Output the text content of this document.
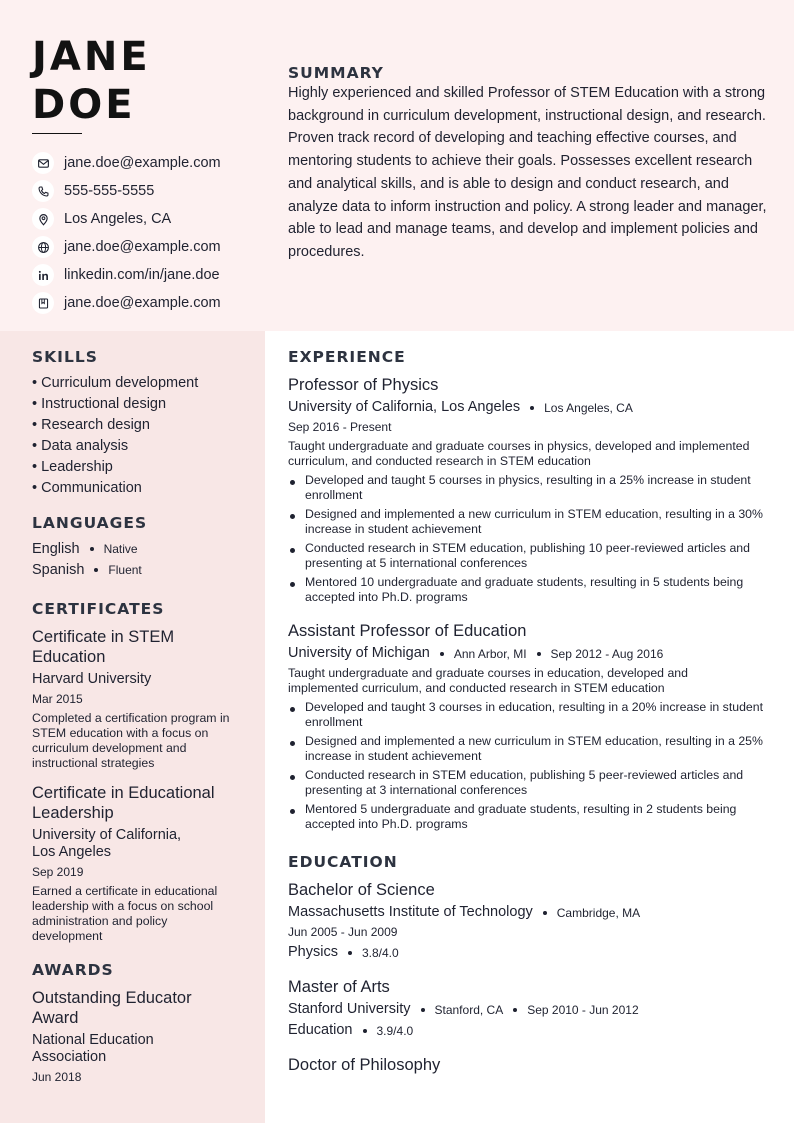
JANE
DOE
jane.doe@example.com
555-555-5555
Los Angeles, CA
jane.doe@example.com
linkedin.com/in/jane.doe
jane.doe@example.com
SUMMARY
Highly experienced and skilled Professor of STEM Education with a strong background in curriculum development, instructional design, and research. Proven track record of developing and teaching effective courses, and mentoring students to achieve their goals. Possesses excellent research and analytical skills, and is able to design and conduct research, and analyze data to inform instruction and policy. A strong leader and manager, able to lead and manage teams, and develop and implement policies and procedures.
SKILLS
• Curriculum development
• Instructional design
• Research design
• Data analysis
• Leadership
• Communication
LANGUAGES
English Native
Spanish Fluent
CERTIFICATES
Certificate in STEM Education
Harvard University
Mar 2015
Completed a certification program in STEM education with a focus on curriculum development and instructional strategies
Certificate in Educational Leadership
University of California, Los Angeles
Sep 2019
Earned a certificate in educational leadership with a focus on school administration and policy development
AWARDS
Outstanding Educator Award
National Education Association
Jun 2018
EXPERIENCE
Professor of Physics
University of California, Los Angeles Los Angeles, CA
Sep 2016 - Present
Taught undergraduate and graduate courses in physics, developed and implemented curriculum, and conducted research in STEM education
Developed and taught 5 courses in physics, resulting in a 25% increase in student enrollment
Designed and implemented a new curriculum in STEM education, resulting in a 30% increase in student achievement
Conducted research in STEM education, publishing 10 peer-reviewed articles and presenting at 5 international conferences
Mentored 10 undergraduate and graduate students, resulting in 5 students being accepted into Ph.D. programs
Assistant Professor of Education
University of Michigan Ann Arbor, MI Sep 2012 - Aug 2016
Taught undergraduate and graduate courses in education, developed and implemented curriculum, and conducted research in STEM education
Developed and taught 3 courses in education, resulting in a 20% increase in student enrollment
Designed and implemented a new curriculum in STEM education, resulting in a 25% increase in student achievement
Conducted research in STEM education, publishing 5 peer-reviewed articles and presenting at 3 international conferences
Mentored 5 undergraduate and graduate students, resulting in 2 students being accepted into Ph.D. programs
EDUCATION
Bachelor of Science
Massachusetts Institute of Technology Cambridge, MA
Jun 2005 - Jun 2009
Physics 3.8/4.0
Master of Arts
Stanford University Stanford, CA Sep 2010 - Jun 2012
Education 3.9/4.0
Doctor of Philosophy
